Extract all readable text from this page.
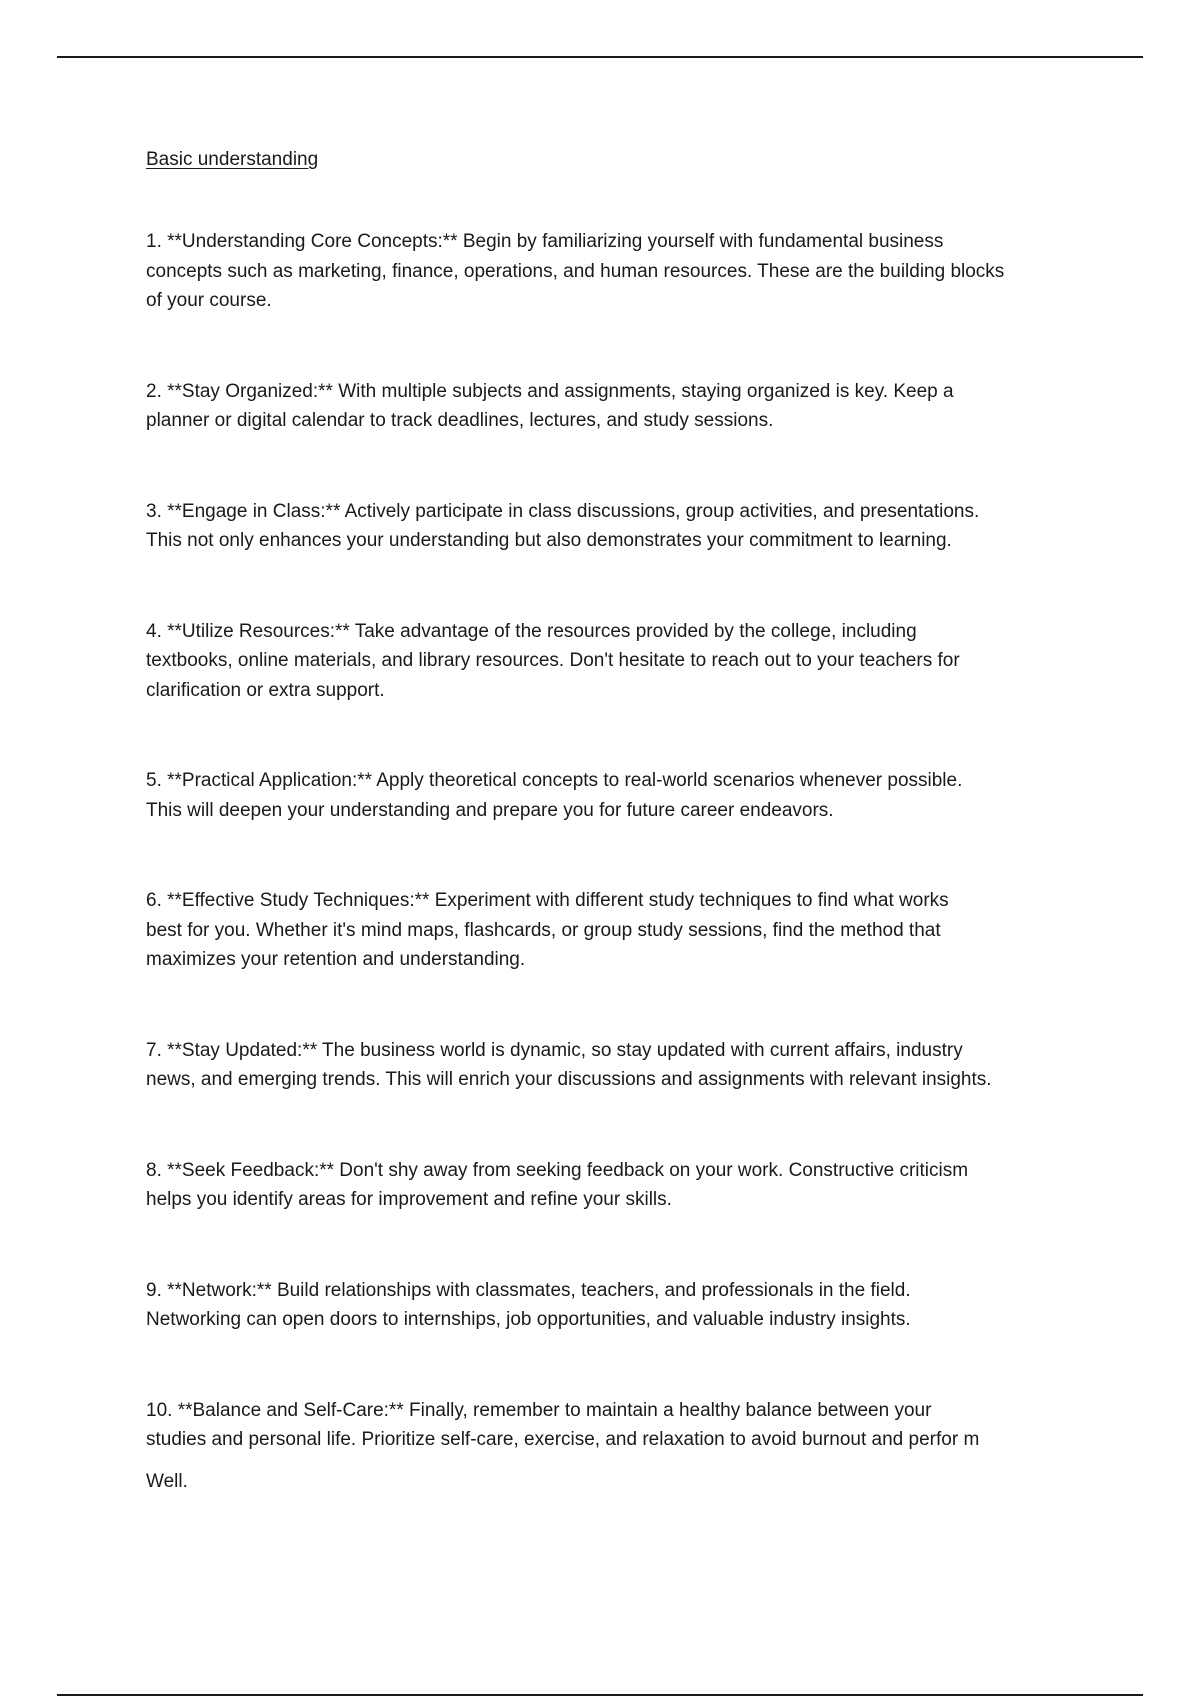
Basic understanding

1. **Understanding Core Concepts:** Begin by familiarizing yourself with fundamental business
concepts such as marketing, finance, operations, and human resources. These are the building blocks
of your course.

2. **Stay Organized:** With multiple subjects and assignments, staying organized is key. Keep a
planner or digital calendar to track deadlines, lectures, and study sessions.

3. **Engage in Class:** Actively participate in class discussions, group activities, and presentations.
This not only enhances your understanding but also demonstrates your commitment to learning.

4. **Utilize Resources:** Take advantage of the resources provided by the college, including
textbooks, online materials, and library resources. Don't hesitate to reach out to your teachers for
clarification or extra support.

5. **Practical Application:** Apply theoretical concepts to real-world scenarios whenever possible.
This will deepen your understanding and prepare you for future career endeavors.

6. **Effective Study Techniques:** Experiment with different study techniques to find what works
best for you. Whether it's mind maps, flashcards, or group study sessions, find the method that
maximizes your retention and understanding.

7. **Stay Updated:** The business world is dynamic, so stay updated with current affairs, industry
news, and emerging trends. This will enrich your discussions and assignments with relevant insights.

8. **Seek Feedback:** Don't shy away from seeking feedback on your work. Constructive criticism
helps you identify areas for improvement and refine your skills.

9. **Network:** Build relationships with classmates, teachers, and professionals in the field.
Networking can open doors to internships, job opportunities, and valuable industry insights.

10. **Balance and Self-Care:** Finally, remember to maintain a healthy balance between your
studies and personal life. Prioritize self-care, exercise, and relaxation to avoid burnout and perfor m

Well.
